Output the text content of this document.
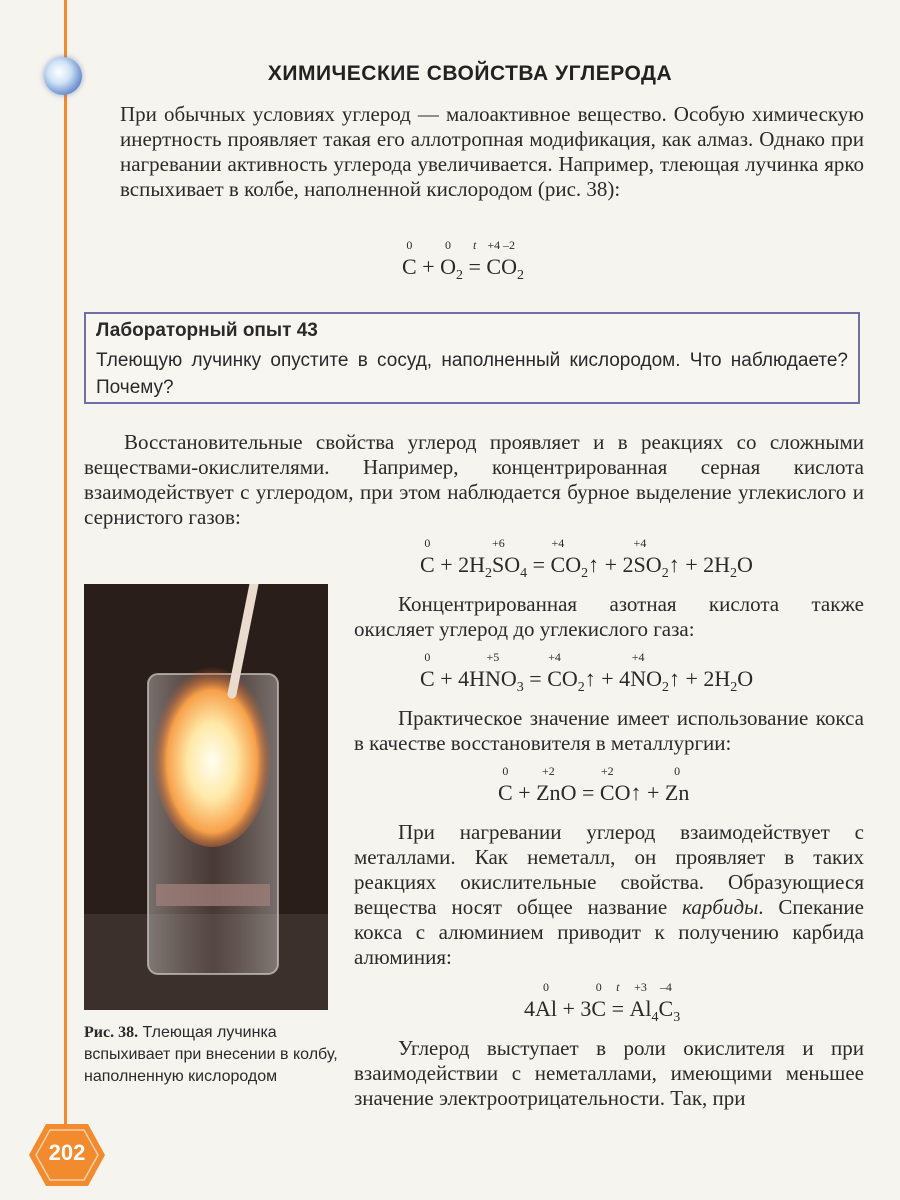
ХИМИЧЕСКИЕ СВОЙСТВА УГЛЕРОДА

При обычных условиях углерод — малоактивное вещество. Особую химическую инертность проявляет такая его аллотропная модификация, как алмаз. Однако при нагревании активность углерода увеличивается. Например, тлеющая лучинка ярко вспыхивает в колбе, наполненной кислородом (рис. 38):

0
C +
0
$O_2$
t
=
+4
C
–2
$O_2$
Лабораторный опыт 43
Тлеющую лучинку опустите в сосуд, наполненный кислородом. Что наблюдаете? Почему?

Восстановительные свойства углерод проявляет и в реакциях со сложными веществами-окислителями. Например, концентрированная серная кислота взаимодействует с углеродом, при этом наблюдается бурное выделение углекислого и сернистого газов:

0
$C + 2H_2$
+6
$SO_4$ =
+4
$CO_2↑ + 2$
+4
$SO_2↑ + 2H_2O$
Рис. 38. Тлеющая лучинка вспыхивает при внесении в колбу, наполненную кислородом

Концентрированная азотная кислота также окисляет углерод до углекислого газа:

0
C + 4H
+5
$NO_3$ =
+4
$CO_2↑ + 4$
+4
$NO_2↑ + 2H_2O$

Практическое значение имеет использование кокса в качестве восстановителя в металлургии:

0
C +
+2
ZnO =
+2
CO↑ +
0
Zn

При нагревании углерод взаимодействует с металлами. Как неметалл, он проявляет в таких реакциях окислительные свойства. Образующиеся вещества носят общее название карбиды. Спекание кокса с алюминием приводит к получению карбида алюминия:

4
0
Al + 3
0
C
t
=
+3
$Al_4$
–4
$C_3$

Углерод выступает в роли окислителя и при взаимодействии с неметаллами, имеющими меньшее значение электроотрицательности. Так, при

202
